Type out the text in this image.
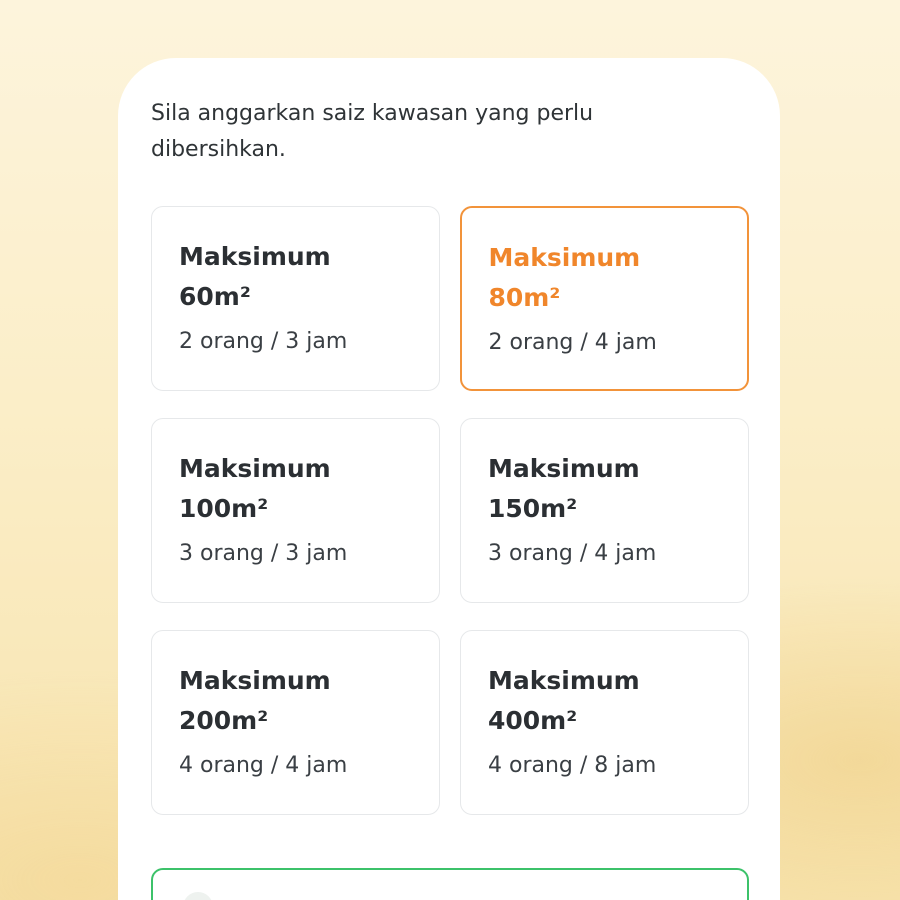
Sila anggarkan saiz kawasan yang perlu dibersihkan.

Maksimum
60m²

2 orang / 3 jam

Maksimum
80m²

2 orang / 4 jam

Maksimum
100m²

3 orang / 3 jam

Maksimum
150m²

3 orang / 4 jam

Maksimum
200m²

4 orang / 4 jam

Maksimum
400m²

4 orang / 8 jam
